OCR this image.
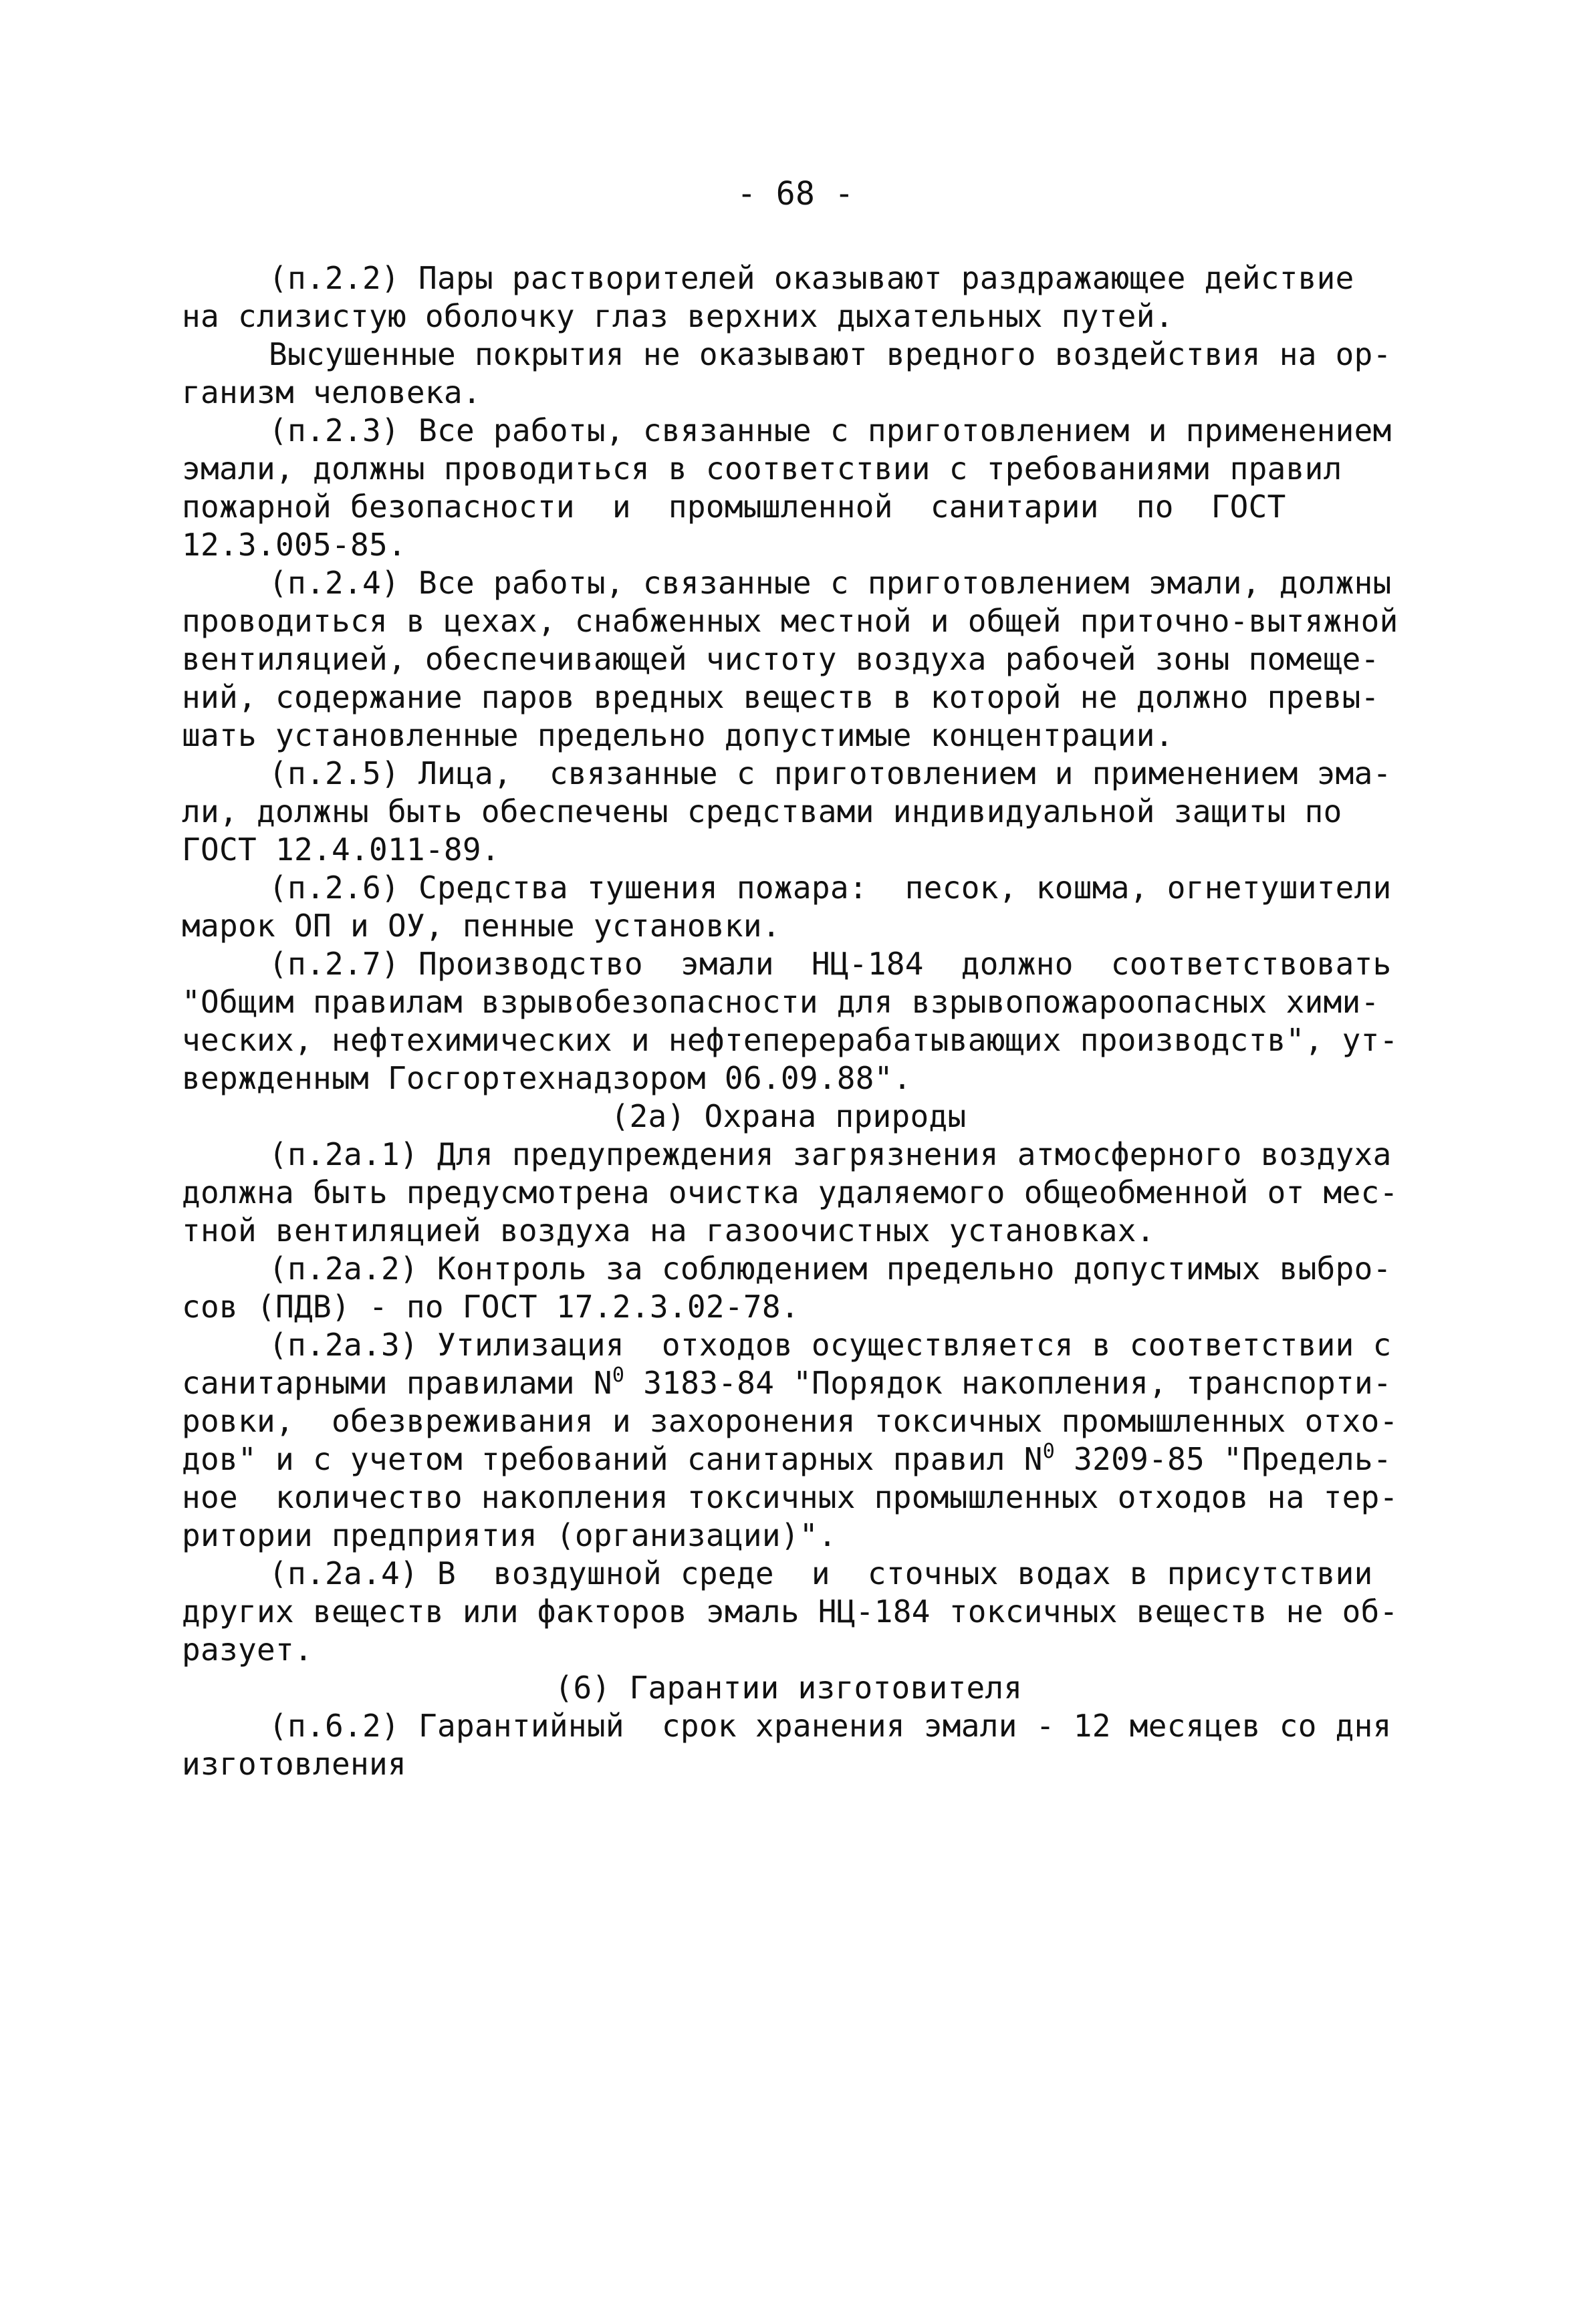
- 68 -
(п.2.2) Пары растворителей оказывают раздражающее действие
на слизистую оболочку глаз верхних дыхательных путей.
Высушенные покрытия не оказывают вредного воздействия на ор-
ганизм человека.
(п.2.3) Все работы, связанные с приготовлением и применением
эмали, должны проводиться в соответствии с требованиями правил
пожарной безопасности  и  промышленной  санитарии  по  ГОСТ
12.3.005-85.
(п.2.4) Все работы, связанные с приготовлением эмали, должны
проводиться в цехах, снабженных местной и общей приточно-вытяжной
вентиляцией, обеспечивающей чистоту воздуха рабочей зоны помеще-
ний, содержание паров вредных веществ в которой не должно превы-
шать установленные предельно допустимые концентрации.
(п.2.5) Лица,  связанные с приготовлением и применением эма-
ли, должны быть обеспечены средствами индивидуальной защиты по
ГОСТ 12.4.011-89.
(п.2.6) Средства тушения пожара:  песок, кошма, огнетушители
марок ОП и ОУ, пенные установки.
(п.2.7) Производство  эмали  НЦ-184  должно  соответствовать
"Общим правилам взрывобезопасности для взрывопожароопасных хими-
ческих, нефтехимических и нефтеперерабатывающих производств", ут-
вержденным Госгортехнадзором 06.09.88".
(2а) Охрана природы
(п.2а.1) Для предупреждения загрязнения атмосферного воздуха
должна быть предусмотрена очистка удаляемого общеобменной от мес-
тной вентиляцией воздуха на газоочистных установках.
(п.2а.2) Контроль за соблюдением предельно допустимых выбро-
сов (ПДВ) - по ГОСТ 17.2.3.02-78.
(п.2а.3) Утилизация  отходов осуществляется в соответствии с
санитарными правилами $N^0$ 3183-84 "Порядок накопления, транспорти-
ровки,  обезвреживания и захоронения токсичных промышленных отхо-
дов" и с учетом требований санитарных правил $N^0$ 3209-85 "Предель-
ное  количество накопления токсичных промышленных отходов на тер-
ритории предприятия (организации)".
(п.2а.4) В  воздушной среде  и  сточных водах в присутствии
других веществ или факторов эмаль НЦ-184 токсичных веществ не об-
разует.
(6) Гарантии изготовителя
(п.6.2) Гарантийный  срок хранения эмали - 12 месяцев со дня
изготовления
